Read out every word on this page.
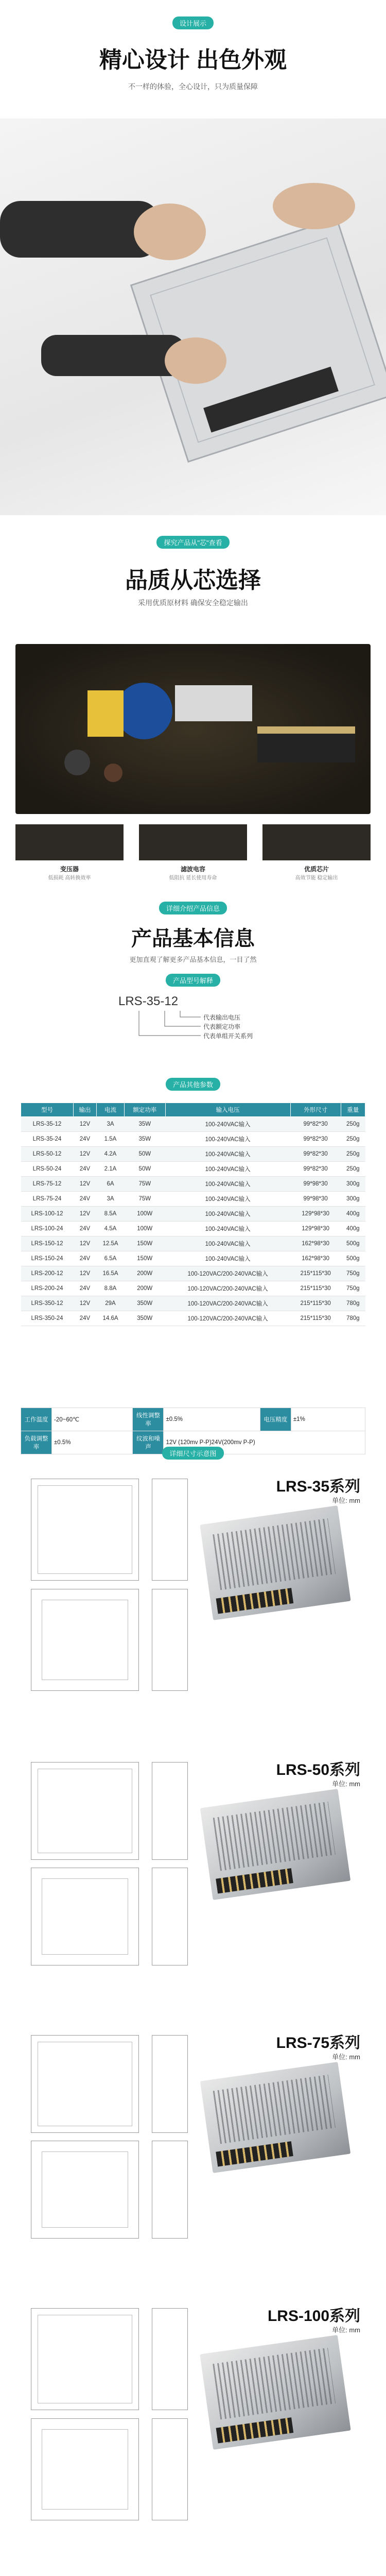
设计展示
精心设计 出色外观
不一样的体验，全心设计，只为质量保障
探究产品从"芯"查看
品质从芯选择
采用优质原材料 确保安全稳定输出
变压器
低损耗 高转换效率
滤波电容
低阻抗 延长使用寿命
优质芯片
高效节能 稳定输出
详细介绍产品信息
产品基本信息
更加直观了解更多产品基本信息，一目了然
产品型号解释
LRS-35-12
代表输出电压
代表额定功率
代表单组开关系列
产品其他参数
型号	输出	电流	额定功率	输入电压	外形尺寸	重量
LRS-35-12	12V	3A	35W	100-240VAC输入	99*82*30	250g
LRS-35-24	24V	1.5A	35W	100-240VAC输入	99*82*30	250g
LRS-50-12	12V	4.2A	50W	100-240VAC输入	99*82*30	250g
LRS-50-24	24V	2.1A	50W	100-240VAC输入	99*82*30	250g
LRS-75-12	12V	6A	75W	100-240VAC输入	99*98*30	300g
LRS-75-24	24V	3A	75W	100-240VAC输入	99*98*30	300g
LRS-100-12	12V	8.5A	100W	100-240VAC输入	129*98*30	400g
LRS-100-24	24V	4.5A	100W	100-240VAC输入	129*98*30	400g
LRS-150-12	12V	12.5A	150W	100-240VAC输入	162*98*30	500g
LRS-150-24	24V	6.5A	150W	100-240VAC输入	162*98*30	500g
LRS-200-12	12V	16.5A	200W	100-120VAC/200-240VAC输入	215*115*30	750g
LRS-200-24	24V	8.8A	200W	100-120VAC/200-240VAC输入	215*115*30	750g
LRS-350-12	12V	29A	350W	100-120VAC/200-240VAC输入	215*115*30	780g
LRS-350-24	24V	14.6A	350W	100-120VAC/200-240VAC输入	215*115*30	780g
工作温度	-20~60℃	线性调整率	±0.5%	电压精度	±1%
负载调整率	±0.5%	纹波和噪声	12V (120mv P-P)24V(200mv P-P)		
详细尺寸示意图
LRS-35系列
单位: mm
LRS-50系列
单位: mm
LRS-75系列
单位: mm
LRS-100系列
单位: mm
